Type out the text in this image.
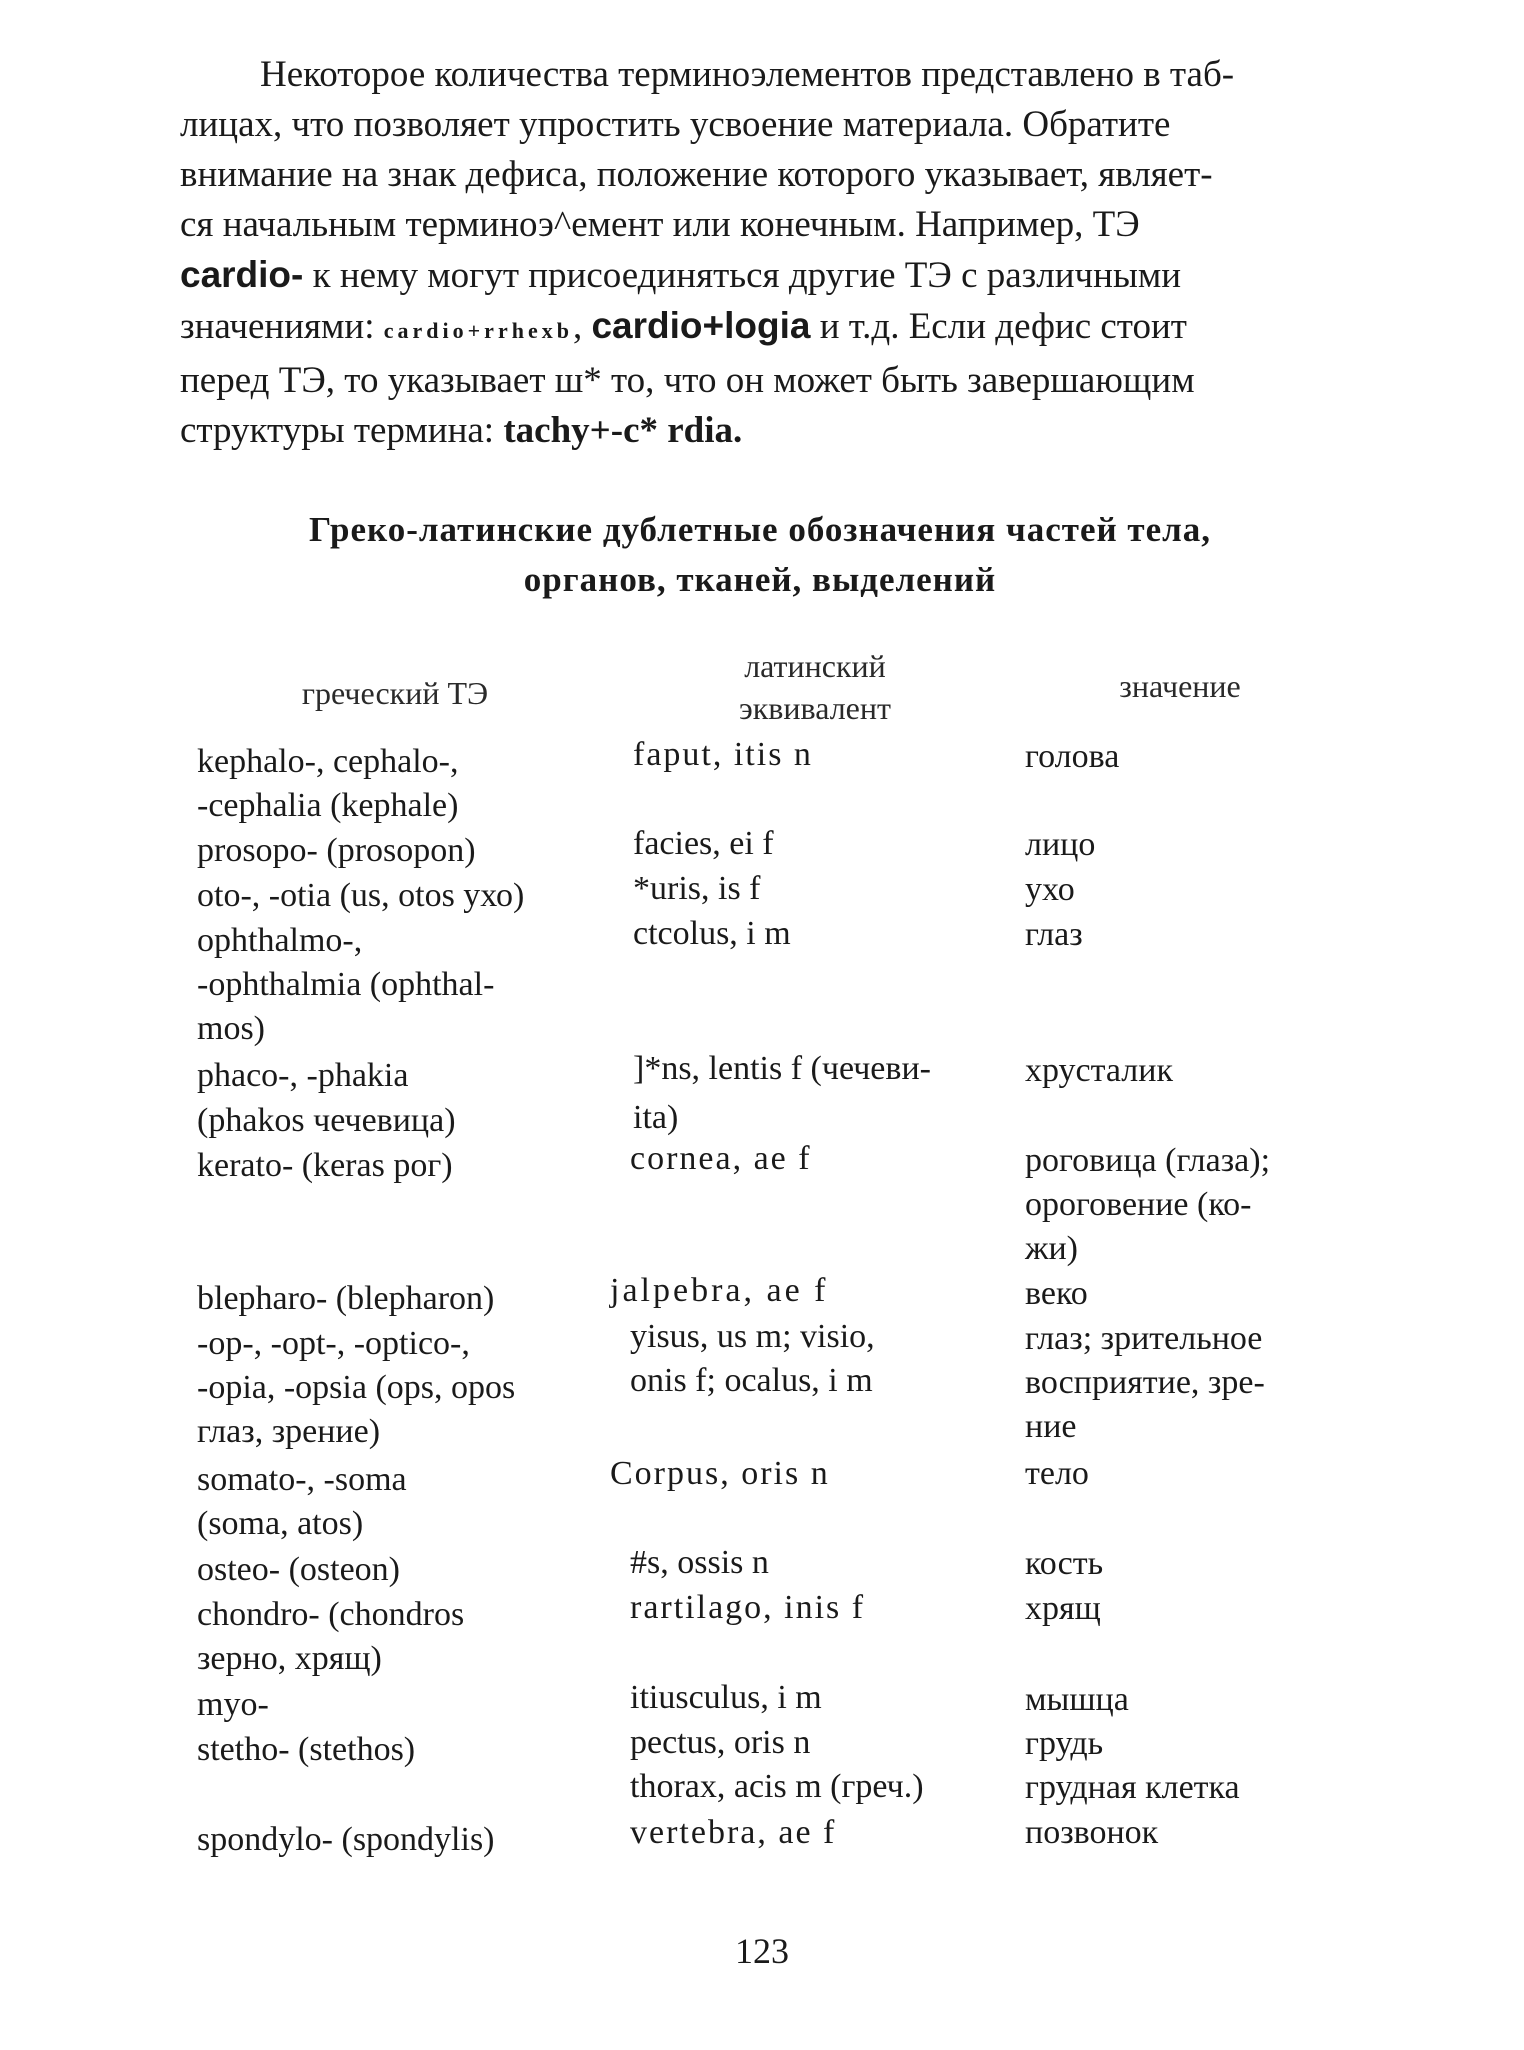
Некоторое количества терминоэлементов представлено в таб-

лицах, что позволяет упростить усвоение материала. Обратите
внимание на знак дефиса, положение которого указывает, являет-
ся начальным терминоэ^емент или конечным. Например, ТЭ
cardio- к нему могут присоединяться другие ТЭ с различными
значениями: cardio+rrhexb, cardio+logia и т.д. Если дефис стоит
перед ТЭ, то указывает ш* то, что он может быть завершающим
структуры термина: tachy+-c* rdia.
Греко-латинские дублетные обозначения частей тела,
органов, тканей, выделений
греческий ТЭ
латинский
эквивалент
значение
kephalo-, cephalo-,
-cephalia (kephale)
prosopo- (prosopon)
oto-, -otia (us, otos ухо)
ophthalmo-,
-ophthalmia (ophthal-
mos)
phaco-, -phakia
(phakos чечевица)
kerato- (keras рог)
blepharo- (blepharon)
-op-, -opt-, -optico-,
-opia, -opsia (ops, opos
глаз, зрение)
somato-, -soma
(soma, atos)
osteo- (osteon)
chondro- (chondros
зерно, хрящ)
myo-
stetho- (stethos)
spondylo- (spondylis)
faput, itis n
facies, ei f
*uris, is f
ctcolus, i m
]*ns, lentis f (чечеви-
ita)
cornea, ae f
jalpebra, ae f
yisus, us m; visio,
onis f; ocalus, i m
Corpus, oris n
#s, ossis n
rartilago, inis f
itiusculus, i m
pectus, oris n
thorax, acis m (греч.)
vertebra, ae f
голова
лицо
ухо
глаз
хрусталик
роговица (глаза);
ороговение (ко-
жи)
веко
глаз; зрительное
восприятие, зре-
ние
тело
кость
хрящ
мышца
грудь
грудная клетка
позвонок
123
